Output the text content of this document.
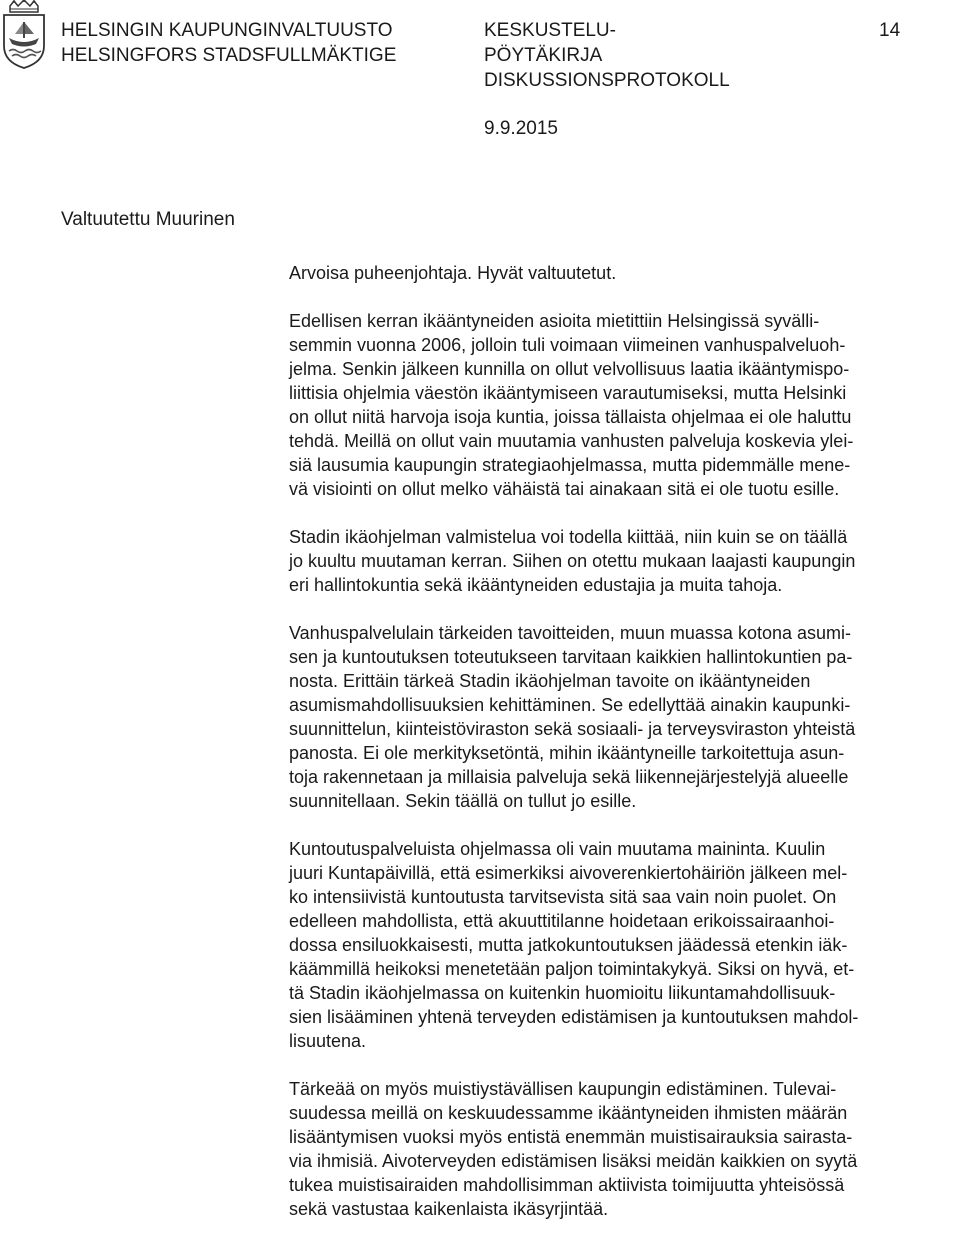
HELSINGIN KAUPUNGINVALTUUSTO
HELSINGFORS STADSFULLMÄKTIGE
KESKUSTELU-
PÖYTÄKIRJA
DISKUSSIONSPROTOKOLL
14
9.9.2015
Valtuutettu Muurinen

Arvoisa puheenjohtaja. Hyvät valtuutetut.

Edellisen kerran ikääntyneiden asioita mietittiin Helsingissä syvälli-
semmin vuonna 2006, jolloin tuli voimaan viimeinen vanhuspalveluoh-
jelma. Senkin jälkeen kunnilla on ollut velvollisuus laatia ikääntymispo-
liittisia ohjelmia väestön ikääntymiseen varautumiseksi, mutta Helsinki
on ollut niitä harvoja isoja kuntia, joissa tällaista ohjelmaa ei ole haluttu
tehdä. Meillä on ollut vain muutamia vanhusten palveluja koskevia ylei-
siä lausumia kaupungin strategiaohjelmassa, mutta pidemmälle mene-
vä visiointi on ollut melko vähäistä tai ainakaan sitä ei ole tuotu esille.

Stadin ikäohjelman valmistelua voi todella kiittää, niin kuin se on täällä
jo kuultu muutaman kerran. Siihen on otettu mukaan laajasti kaupungin
eri hallintokuntia sekä ikääntyneiden edustajia ja muita tahoja.

Vanhuspalvelulain tärkeiden tavoitteiden, muun muassa kotona asumi-
sen ja kuntoutuksen toteutukseen tarvitaan kaikkien hallintokuntien pa-
nosta. Erittäin tärkeä Stadin ikäohjelman tavoite on ikääntyneiden
asumismahdollisuuksien kehittäminen. Se edellyttää ainakin kaupunki-
suunnittelun, kiinteistöviraston sekä sosiaali- ja terveysviraston yhteistä
panosta. Ei ole merkityksetöntä, mihin ikääntyneille tarkoitettuja asun-
toja rakennetaan ja millaisia palveluja sekä liikennejärjestelyjä alueelle
suunnitellaan. Sekin täällä on tullut jo esille.

Kuntoutuspalveluista ohjelmassa oli vain muutama maininta. Kuulin
juuri Kuntapäivillä, että esimerkiksi aivoverenkiertohäiriön jälkeen mel-
ko intensiivistä kuntoutusta tarvitsevista sitä saa vain noin puolet. On
edelleen mahdollista, että akuuttitilanne hoidetaan erikoissairaanhoi-
dossa ensiluokkaisesti, mutta jatkokuntoutuksen jäädessä etenkin iäk-
käämmillä heikoksi menetetään paljon toimintakykyä. Siksi on hyvä, et-
tä Stadin ikäohjelmassa on kuitenkin huomioitu liikuntamahdollisuuk-
sien lisääminen yhtenä terveyden edistämisen ja kuntoutuksen mahdol-
lisuutena.

Tärkeää on myös muistiystävällisen kaupungin edistäminen. Tulevai-
suudessa meillä on keskuudessamme ikääntyneiden ihmisten määrän
lisääntymisen vuoksi myös entistä enemmän muistisairauksia sairasta-
via ihmisiä. Aivoterveyden edistämisen lisäksi meidän kaikkien on syytä
tukea muistisairaiden mahdollisimman aktiivista toimijuutta yhteisössä
sekä vastustaa kaikenlaista ikäsyrjintää.
